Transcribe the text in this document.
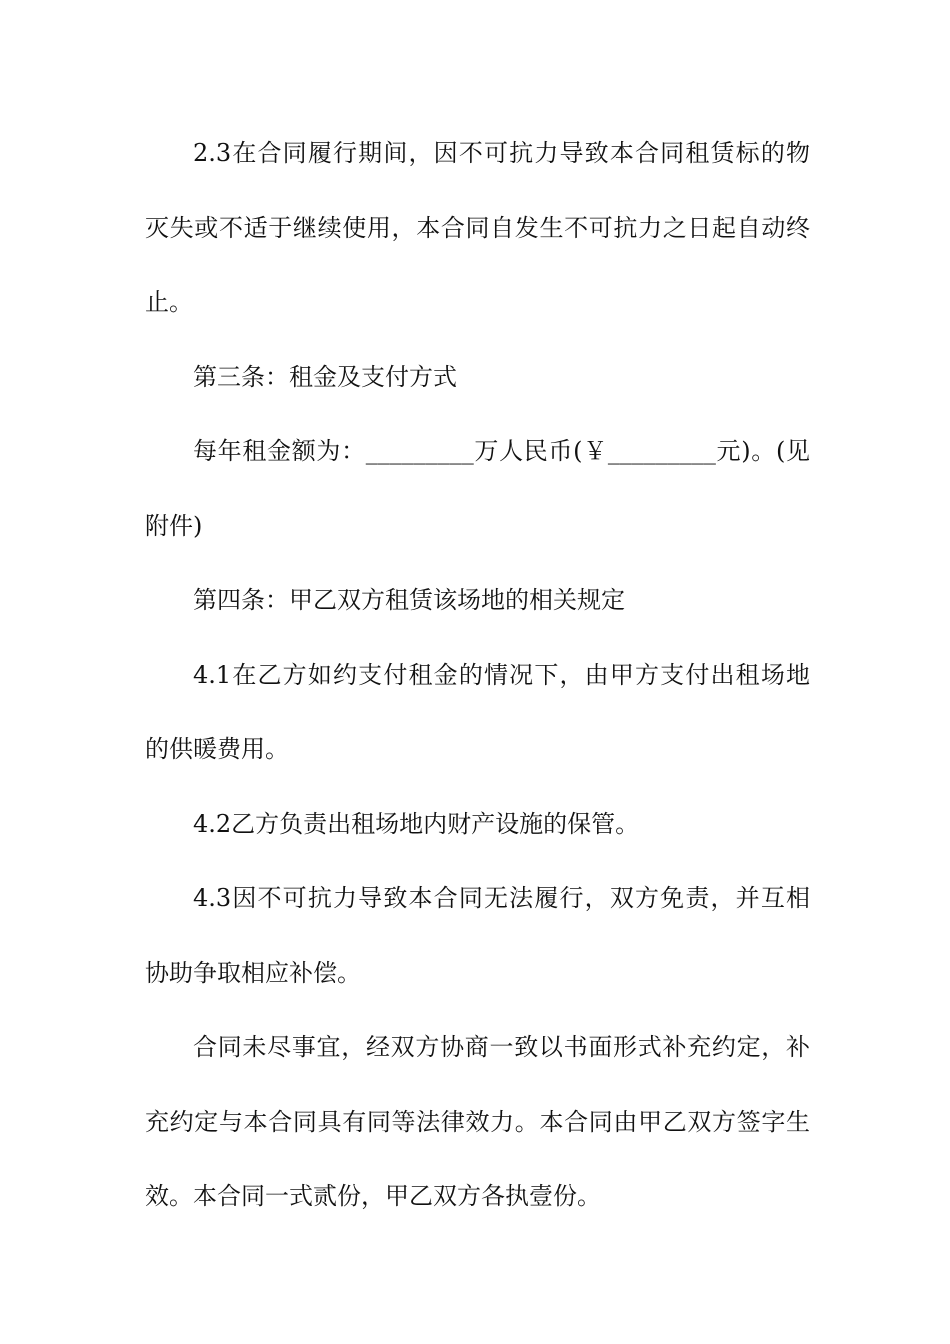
2.3在合同履行期间，因不可抗力导致本合同租赁标的物
灭失或不适于继续使用，本合同自发生不可抗力之日起自动终
止。
第三条：租金及支付方式
每年租金额为：_________万人民币(￥_________元)。(见
附件)
第四条：甲乙双方租赁该场地的相关规定
4.1在乙方如约支付租金的情况下，由甲方支付出租场地
的供暖费用。
4.2乙方负责出租场地内财产设施的保管。
4.3因不可抗力导致本合同无法履行，双方免责，并互相
协助争取相应补偿。
合同未尽事宜，经双方协商一致以书面形式补充约定，补
充约定与本合同具有同等法律效力。本合同由甲乙双方签字生
效。本合同一式贰份，甲乙双方各执壹份。
